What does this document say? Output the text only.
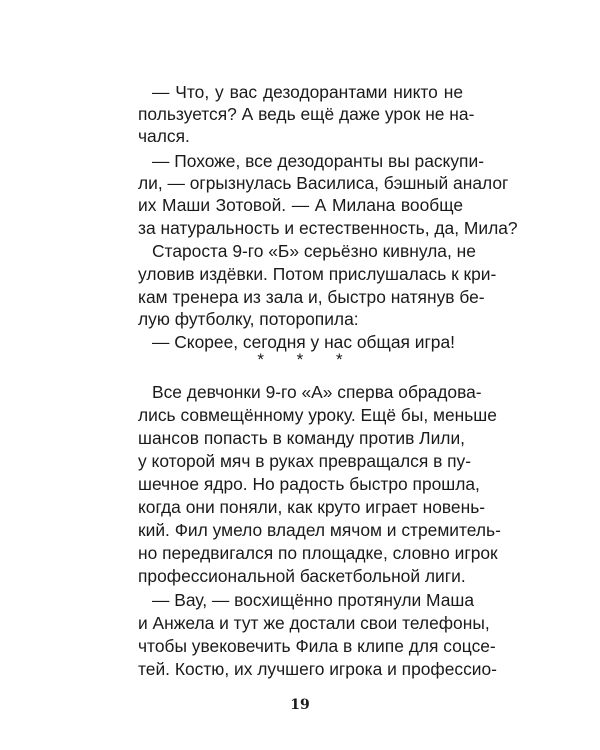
— Что, у вас дезодорантами никто не
пользуется? А ведь ещё даже урок не на-
чался.
— Похоже, все дезодоранты вы раскупи-
ли, — огрызнулась Василиса, бэшный аналог
их Маши Зотовой. — А Милана вообще
за натуральность и естественность, да, Мила?
Староста 9-го «Б» серьёзно кивнула, не
уловив издёвки. Потом прислушалась к кри-
кам тренера из зала и, быстро натянув бе-
лую футболку, поторопила:
— Скорее, сегодня у нас общая игра!
* * *
Все девчонки 9-го «А» сперва обрадова-
лись совмещённому уроку. Ещё бы, меньше
шансов попасть в команду против Лили,
у которой мяч в руках превращался в пу-
шечное ядро. Но радость быстро прошла,
когда они поняли, как круто играет новень-
кий. Фил умело владел мячом и стремитель-
но передвигался по площадке, словно игрок
профессиональной баскетбольной лиги.
— Вау, — восхищённо протянули Маша
и Анжела и тут же достали свои телефоны,
чтобы увековечить Фила в клипе для соцсе-
тей. Костю, их лучшего игрока и профессио-
19
